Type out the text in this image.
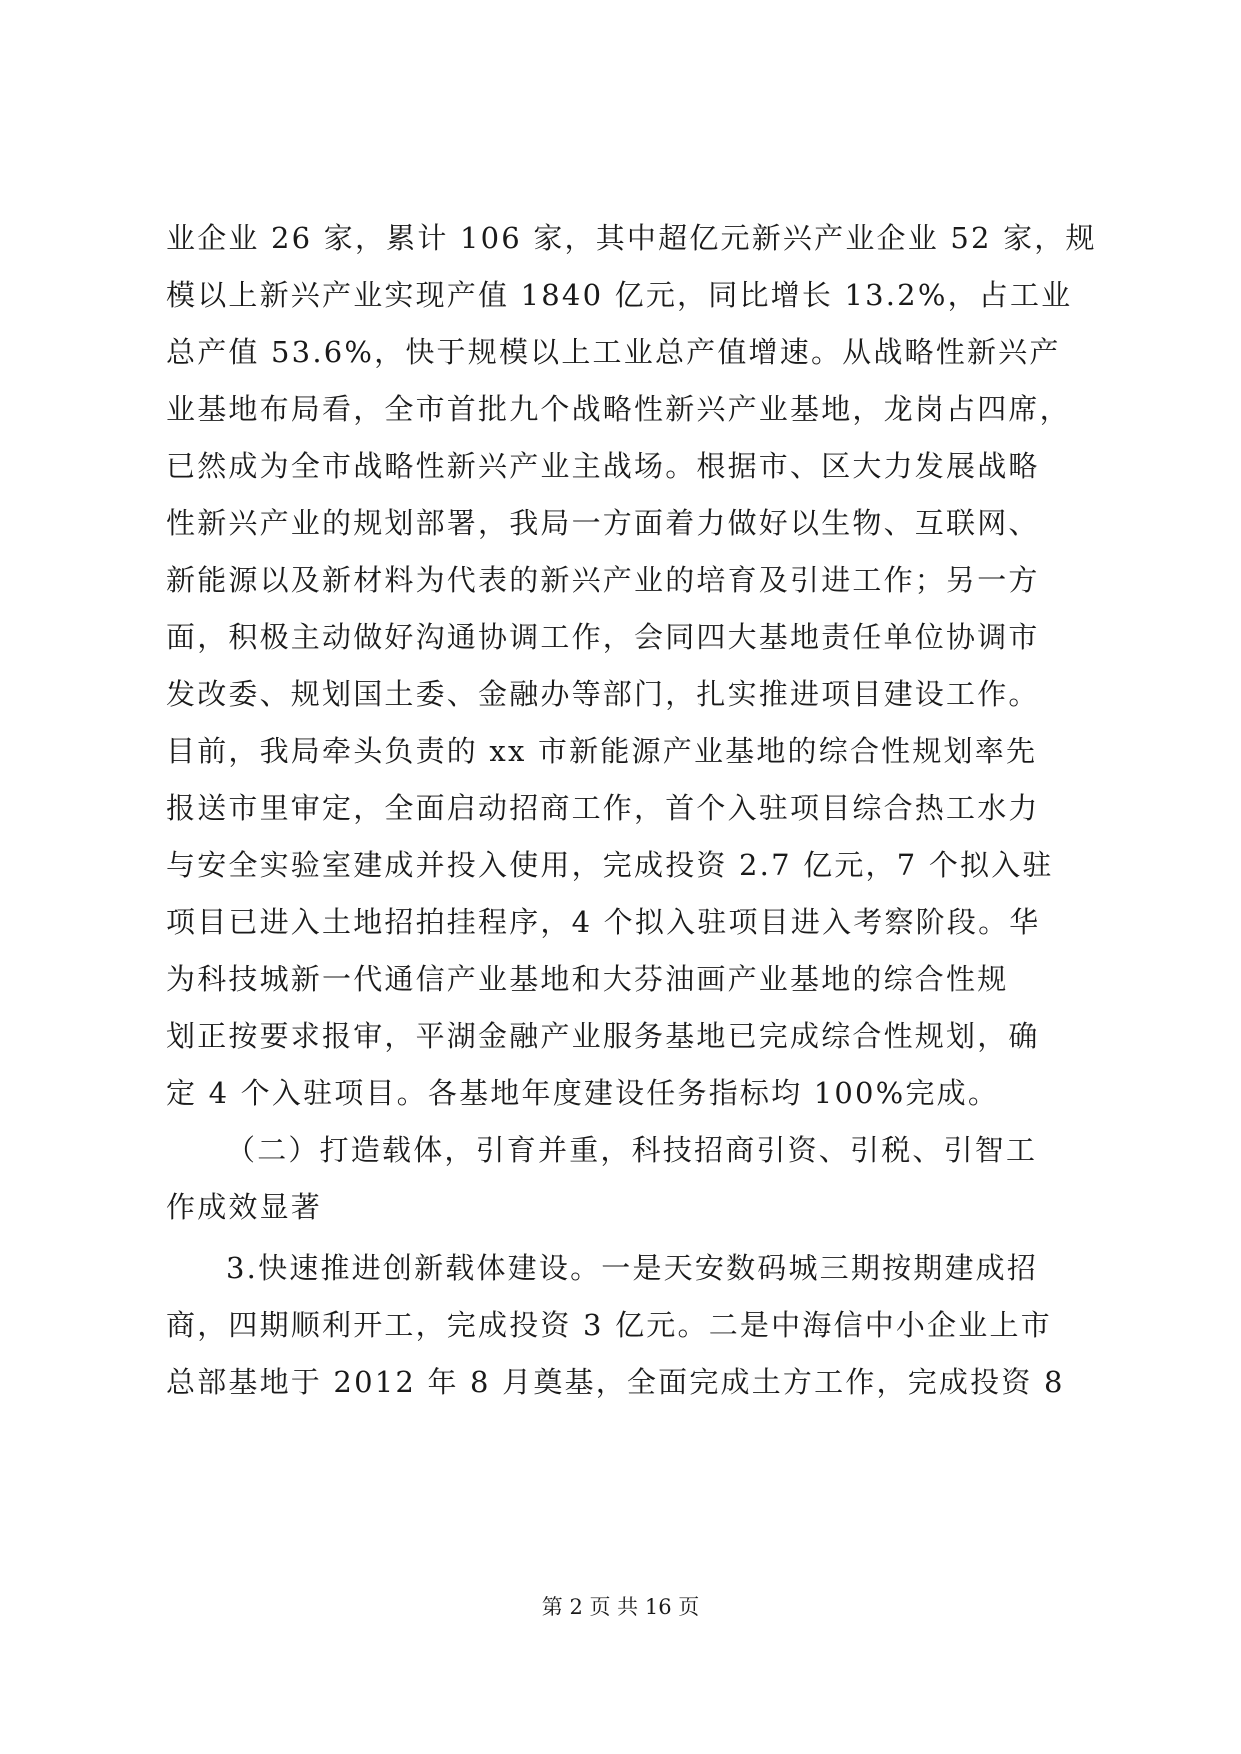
业企业 26 家，累计 106 家，其中超亿元新兴产业企业 52 家，规
模以上新兴产业实现产值 1840 亿元，同比增长 13.2%，占工业
总产值 53.6%，快于规模以上工业总产值增速。从战略性新兴产
业基地布局看，全市首批九个战略性新兴产业基地，龙岗占四席，
已然成为全市战略性新兴产业主战场。根据市、区大力发展战略
性新兴产业的规划部署，我局一方面着力做好以生物、互联网、
新能源以及新材料为代表的新兴产业的培育及引进工作；另一方
面，积极主动做好沟通协调工作，会同四大基地责任单位协调市
发改委、规划国土委、金融办等部门，扎实推进项目建设工作。
目前，我局牵头负责的 xx 市新能源产业基地的综合性规划率先
报送市里审定，全面启动招商工作，首个入驻项目综合热工水力
与安全实验室建成并投入使用，完成投资 2.7 亿元，7 个拟入驻
项目已进入土地招拍挂程序，4 个拟入驻项目进入考察阶段。华
为科技城新一代通信产业基地和大芬油画产业基地的综合性规
划正按要求报审，平湖金融产业服务基地已完成综合性规划，确
定 4 个入驻项目。各基地年度建设任务指标均 100%完成。
（二）打造载体，引育并重，科技招商引资、引税、引智工
作成效显著
3.快速推进创新载体建设。一是天安数码城三期按期建成招
商，四期顺利开工，完成投资 3 亿元。二是中海信中小企业上市
总部基地于 2012 年 8 月奠基，全面完成土方工作，完成投资 8
第 2 页 共 16 页
